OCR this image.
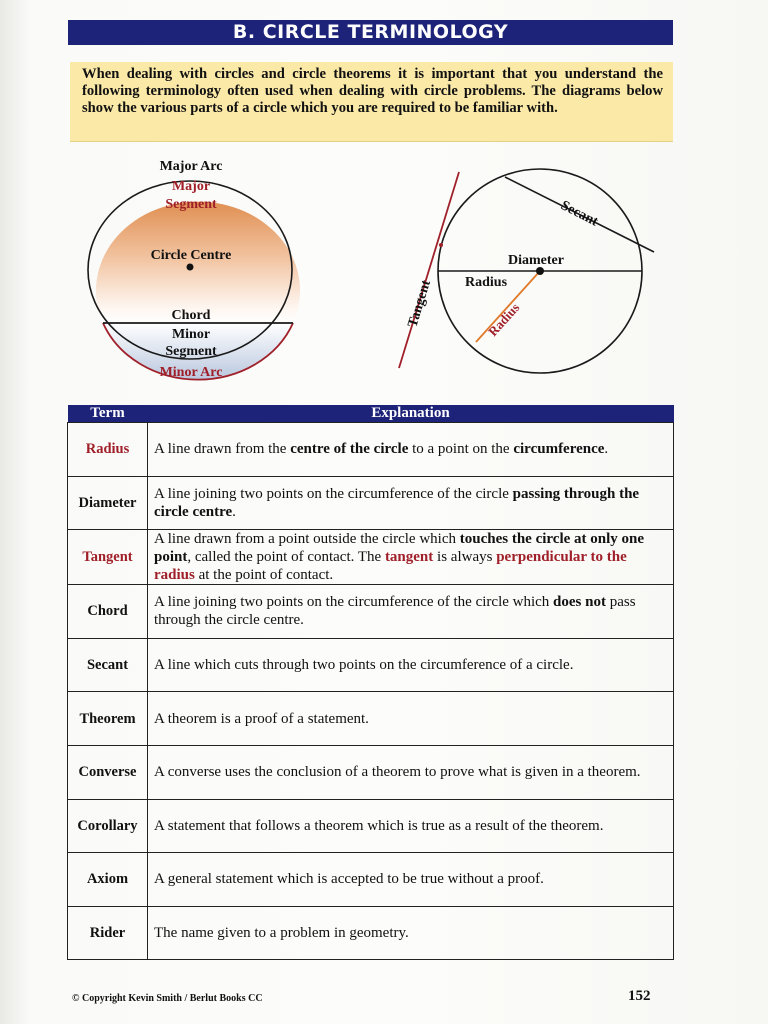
B. CIRCLE TERMINOLOGY
When dealing with circles and circle theorems it is important that you understand the following terminology often used when dealing with circle problems. The diagrams below show the various parts of a circle which you are required to be familiar with.
Major Arc
Major
Segment
Circle Centre
Chord
Minor
Segment
Minor Arc
Secant
Diameter
Radius
Radius
Tangent
Term	Explanation
Radius	A line drawn from the centre of the circle to a point on the circumference.
Diameter	A line joining two points on the circumference of the circle passing through the circle centre.
Tangent	A line drawn from a point outside the circle which touches the circle at only one point, called the point of contact. The tangent is always perpendicular to the radius at the point of contact.
Chord	A line joining two points on the circumference of the circle which does not pass through the circle centre.
Secant	A line which cuts through two points on the circumference of a circle.
Theorem	A theorem is a proof of a statement.
Converse	A converse uses the conclusion of a theorem to prove what is given in a theorem.
Corollary	A statement that follows a theorem which is true as a result of the theorem.
Axiom	A general statement which is accepted to be true without a proof.
Rider	The name given to a problem in geometry.
© Copyright Kevin Smith / Berlut Books CC	152
